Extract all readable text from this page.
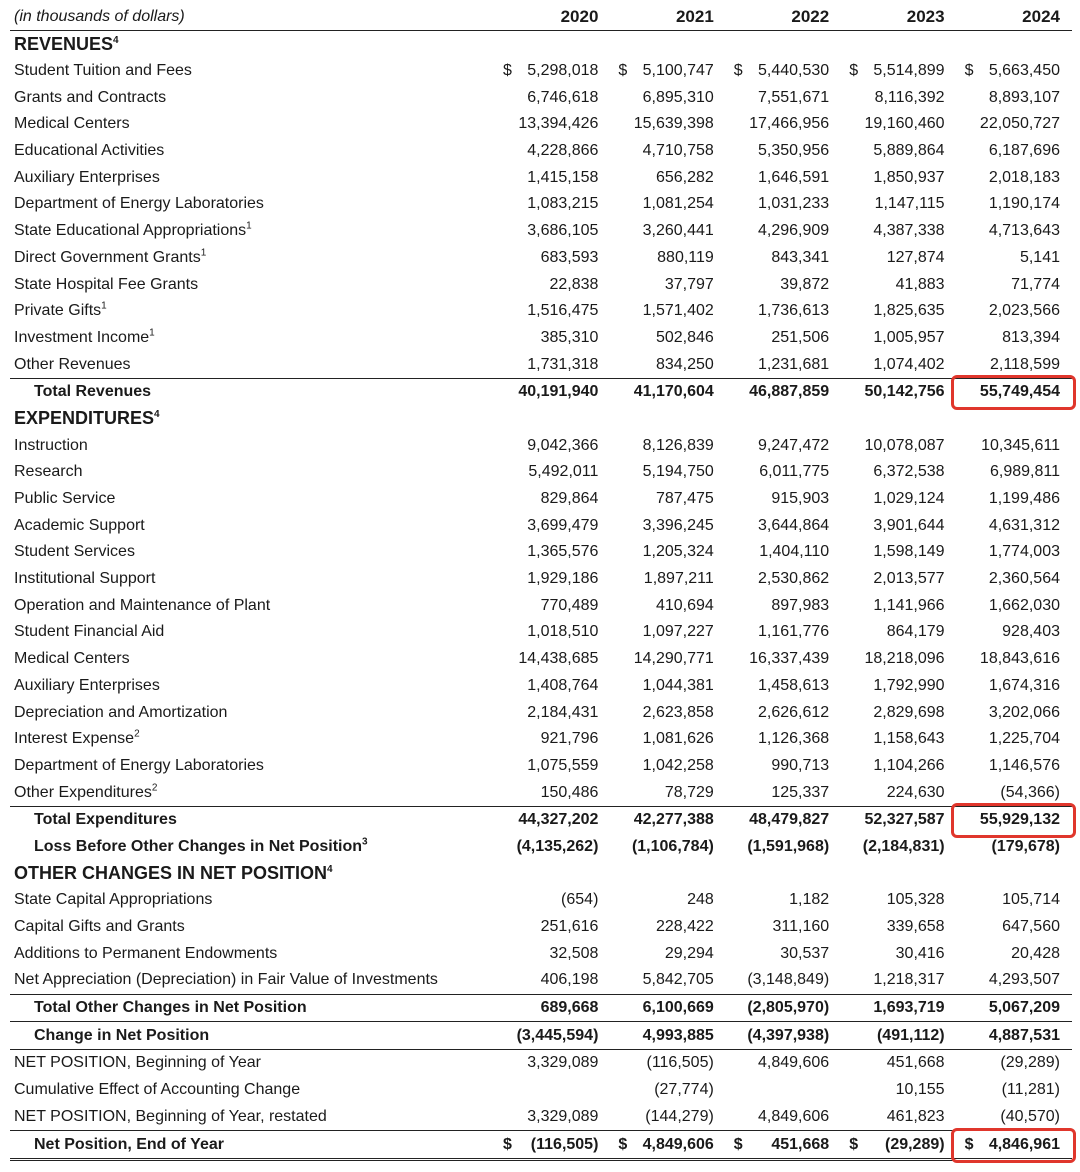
(in thousands of dollars)	2020	2021	2022	2023	2024
REVENUES$^4$					
Student Tuition and Fees	$ 5,298,018	$ 5,100,747	$ 5,440,530	$ 5,514,899	$ 5,663,450
Grants and Contracts	6,746,618	6,895,310	7,551,671	8,116,392	8,893,107
Medical Centers	13,394,426	15,639,398	17,466,956	19,160,460	22,050,727
Educational Activities	4,228,866	4,710,758	5,350,956	5,889,864	6,187,696
Auxiliary Enterprises	1,415,158	656,282	1,646,591	1,850,937	2,018,183
Department of Energy Laboratories	1,083,215	1,081,254	1,031,233	1,147,115	1,190,174
State Educational Appropriations$^1$	3,686,105	3,260,441	4,296,909	4,387,338	4,713,643
Direct Government Grants$^1$	683,593	880,119	843,341	127,874	5,141
State Hospital Fee Grants	22,838	37,797	39,872	41,883	71,774
Private Gifts$^1$	1,516,475	1,571,402	1,736,613	1,825,635	2,023,566
Investment Income$^1$	385,310	502,846	251,506	1,005,957	813,394
Other Revenues	1,731,318	834,250	1,231,681	1,074,402	2,118,599
Total Revenues	40,191,940	41,170,604	46,887,859	50,142,756	55,749,454
EXPENDITURES$^4$					
Instruction	9,042,366	8,126,839	9,247,472	10,078,087	10,345,611
Research	5,492,011	5,194,750	6,011,775	6,372,538	6,989,811
Public Service	829,864	787,475	915,903	1,029,124	1,199,486
Academic Support	3,699,479	3,396,245	3,644,864	3,901,644	4,631,312
Student Services	1,365,576	1,205,324	1,404,110	1,598,149	1,774,003
Institutional Support	1,929,186	1,897,211	2,530,862	2,013,577	2,360,564
Operation and Maintenance of Plant	770,489	410,694	897,983	1,141,966	1,662,030
Student Financial Aid	1,018,510	1,097,227	1,161,776	864,179	928,403
Medical Centers	14,438,685	14,290,771	16,337,439	18,218,096	18,843,616
Auxiliary Enterprises	1,408,764	1,044,381	1,458,613	1,792,990	1,674,316
Depreciation and Amortization	2,184,431	2,623,858	2,626,612	2,829,698	3,202,066
Interest Expense$^2$	921,796	1,081,626	1,126,368	1,158,643	1,225,704
Department of Energy Laboratories	1,075,559	1,042,258	990,713	1,104,266	1,146,576
Other Expenditures$^2$	150,486	78,729	125,337	224,630	(54,366)
Total Expenditures	44,327,202	42,277,388	48,479,827	52,327,587	55,929,132
Loss Before Other Changes in Net Position$^3$	(4,135,262)	(1,106,784)	(1,591,968)	(2,184,831)	(179,678)
OTHER CHANGES IN NET POSITION$^4$					
State Capital Appropriations	(654)	248	1,182	105,328	105,714
Capital Gifts and Grants	251,616	228,422	311,160	339,658	647,560
Additions to Permanent Endowments	32,508	29,294	30,537	30,416	20,428
Net Appreciation (Depreciation) in Fair Value of Investments	406,198	5,842,705	(3,148,849)	1,218,317	4,293,507
Total Other Changes in Net Position	689,668	6,100,669	(2,805,970)	1,693,719	5,067,209
Change in Net Position	(3,445,594)	4,993,885	(4,397,938)	(491,112)	4,887,531
NET POSITION, Beginning of Year	3,329,089	(116,505)	4,849,606	451,668	(29,289)
Cumulative Effect of Accounting Change		(27,774)		10,155	(11,281)
NET POSITION, Beginning of Year, restated	3,329,089	(144,279)	4,849,606	461,823	(40,570)
Net Position, End of Year	$ (116,505)	$ 4,849,606	$ 451,668	$ (29,289)	$ 4,846,961
